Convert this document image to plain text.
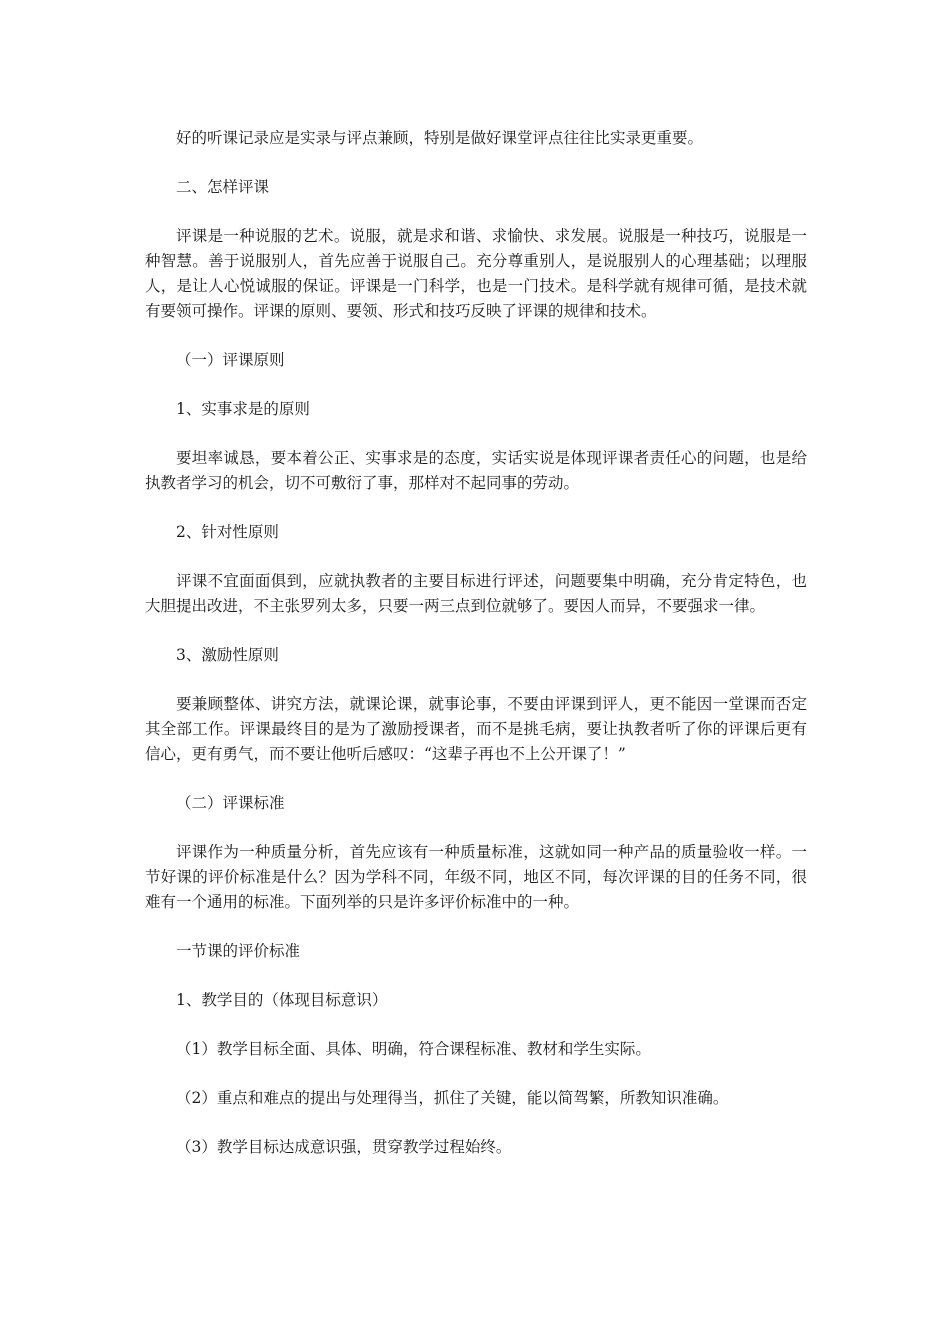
好的听课记录应是实录与评点兼顾，特别是做好课堂评点往往比实录更重要。

二、怎样评课

评课是一种说服的艺术。说服，就是求和谐、求愉快、求发展。说服是一种技巧，说服是一种智慧。善于说服别人，首先应善于说服自己。充分尊重别人，是说服别人的心理基础；以理服人，是让人心悦诚服的保证。评课是一门科学，也是一门技术。是科学就有规律可循，是技术就有要领可操作。评课的原则、要领、形式和技巧反映了评课的规律和技术。

（一）评课原则

1、实事求是的原则

要坦率诚恳，要本着公正、实事求是的态度，实话实说是体现评课者责任心的问题，也是给执教者学习的机会，切不可敷衍了事，那样对不起同事的劳动。

2、针对性原则

评课不宜面面俱到，应就执教者的主要目标进行评述，问题要集中明确，充分肯定特色，也大胆提出改进，不主张罗列太多，只要一两三点到位就够了。要因人而异，不要强求一律。

3、激励性原则

要兼顾整体、讲究方法，就课论课，就事论事，不要由评课到评人，更不能因一堂课而否定其全部工作。评课最终目的是为了激励授课者，而不是挑毛病，要让执教者听了你的评课后更有信心，更有勇气，而不要让他听后感叹：“这辈子再也不上公开课了！”

（二）评课标准

评课作为一种质量分析，首先应该有一种质量标准，这就如同一种产品的质量验收一样。一节好课的评价标准是什么？因为学科不同，年级不同，地区不同，每次评课的目的任务不同，很难有一个通用的标准。下面列举的只是许多评价标准中的一种。

一节课的评价标准

1、教学目的（体现目标意识）

（1）教学目标全面、具体、明确，符合课程标准、教材和学生实际。

（2）重点和难点的提出与处理得当，抓住了关键，能以简驾繁，所教知识准确。

（3）教学目标达成意识强，贯穿教学过程始终。
